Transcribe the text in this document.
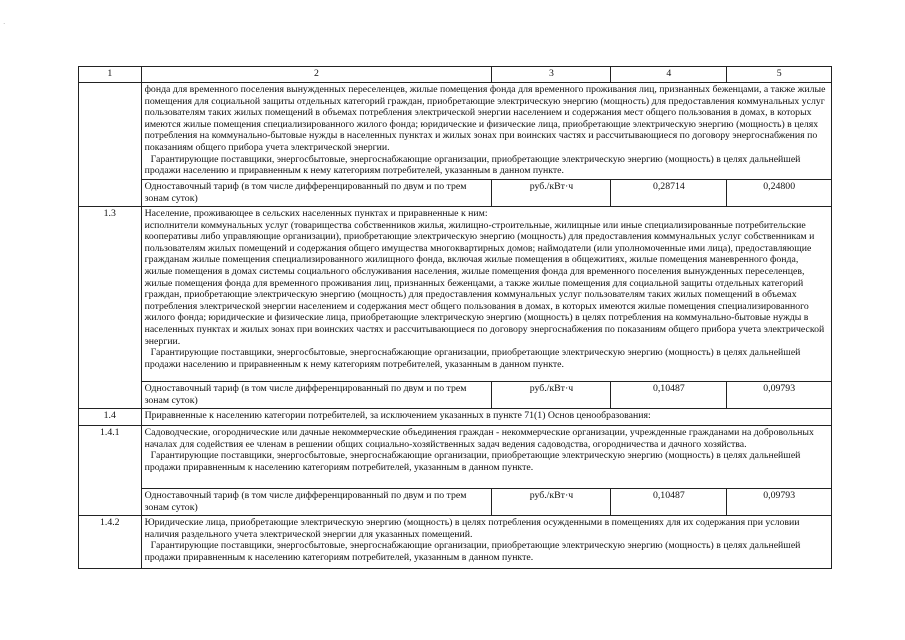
·
1	2	3	4	5
	фонда для временного поселения вынужденных переселенцев, жилые помещения фонда для временного проживания лиц, признанных беженцами, а также жилые помещения для социальной защиты отдельных категорий граждан, приобретающие электрическую энергию (мощность) для предоставления коммунальных услуг пользователям таких жилых помещений в объемах потребления электрической энергии населением и содержания мест общего пользования в домах, в которых имеются жилые помещения специализированного жилого фонда; юридические и физические лица, приобретающие электрическую энергию (мощность) в целях потребления на коммунально-бытовые нужды в населенных пунктах и жилых зонах при воинских частях и рассчитывающиеся по договору энергоснабжения по показаниям общего прибора учета электрической энергии.
Гарантирующие поставщики, энергосбытовые, энергоснабжающие организации, приобретающие электрическую энергию (мощность) в целях дальнейшей продажи населению и приравненным к нему категориям потребителей, указанным в данном пункте.			

	Одноставочный тариф (в том числе дифференцированный по двум и по трем зонам суток)	руб./кВт·ч	0,28714	0,24800
1.3	Население, проживающее в сельских населенных пунктах и приравненные к ним:
исполнители коммунальных услуг (товарищества собственников жилья, жилищно-строительные, жилищные или иные специализированные потребительские кооперативы либо управляющие организации), приобретающие электрическую энергию (мощность) для предоставления коммунальных услуг собственникам и пользователям жилых помещений и содержания общего имущества многоквартирных домов; наймодатели (или уполномоченные ими лица), предоставляющие гражданам жилые помещения специализированного жилищного фонда, включая жилые помещения в общежитиях, жилые помещения маневренного фонда, жилые помещения в домах системы социального обслуживания населения, жилые помещения фонда для временного поселения вынужденных переселенцев, жилые помещения фонда для временного проживания лиц, признанных беженцами, а также жилые помещения для социальной защиты отдельных категорий граждан, приобретающие электрическую энергию (мощность) для предоставления коммунальных услуг пользователям таких жилых помещений в объемах потребления электрической энергии населением и содержания мест общего пользования в домах, в которых имеются жилые помещения специализированного жилого фонда; юридические и физические лица, приобретающие электрическую энергию (мощность) в целях потребления на коммунально-бытовые нужды в населенных пунктах и жилых зонах при воинских частях и рассчитывающиеся по договору энергоснабжения по показаниям общего прибора учета электрической энергии.
Гарантирующие поставщики, энергосбытовые, энергоснабжающие организации, приобретающие электрическую энергию (мощность) в целях дальнейшей продажи населению и приравненным к нему категориям потребителей, указанным в данном пункте.			

	Одноставочный тариф (в том числе дифференцированный по двум и по трем зонам суток)	руб./кВт·ч	0,10487	0,09793
1.4	Приравненные к населению категории потребителей, за исключением указанных в пункте 71(1) Основ ценообразования:			
1.4.1	Садоводческие, огороднические или дачные некоммерческие объединения граждан - некоммерческие организации, учрежденные гражданами на добровольных началах для содействия ее членам в решении общих социально-хозяйственных задач ведения садоводства, огородничества и дачного хозяйства.
Гарантирующие поставщики, энергосбытовые, энергоснабжающие организации, приобретающие электрическую энергию (мощность) в целях дальнейшей продажи приравненным к населению категориям потребителей, указанным в данном пункте.			

	Одноставочный тариф (в том числе дифференцированный по двум и по трем зонам суток)	руб./кВт·ч	0,10487	0,09793
1.4.2	Юридические лица, приобретающие электрическую энергию (мощность) в целях потребления осужденными в помещениях для их содержания при условии наличия раздельного учета электрической энергии для указанных помещений.
Гарантирующие поставщики, энергосбытовые, энергоснабжающие организации, приобретающие электрическую энергию (мощность) в целях дальнейшей продажи приравненным к населению категориям потребителей, указанным в данном пункте.			
